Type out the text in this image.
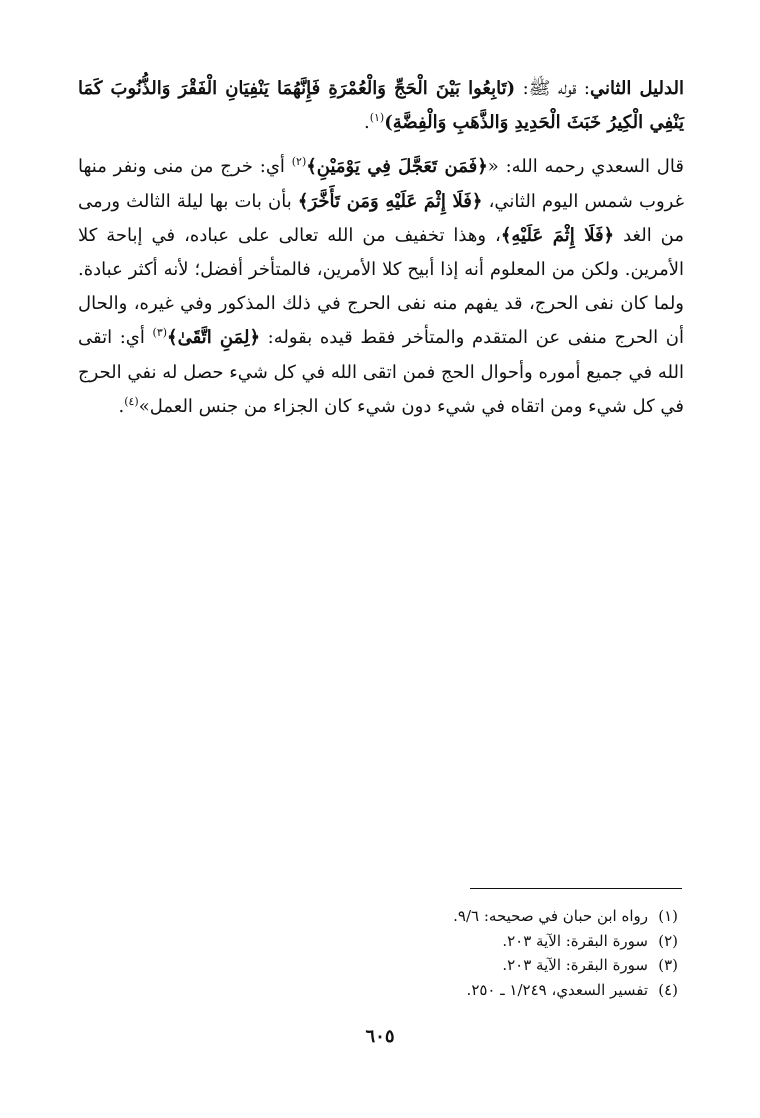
الدليل الثاني: قوله ﷺ: (تَابِعُوا بَيْنَ الْحَجِّ وَالْعُمْرَةِ فَإِنَّهُمَا يَنْفِيَانِ الْفَقْرَ وَالذُّنُوبَ كَمَا يَنْفِي الْكِيرُ خَبَثَ الْحَدِيدِ وَالذَّهَبِ وَالْفِضَّةِ)$^{(١)}$.

قال السعدي رحمه الله: «﴿فَمَن تَعَجَّلَ فِي يَوْمَيْنِ﴾$^{(٢)}$ أي: خرج من منى ونفر منها غروب شمس اليوم الثاني، ﴿فَلَا إِثْمَ عَلَيْهِ وَمَن تَأَخَّرَ﴾ بأن بات بها ليلة الثالث ورمى من الغد ﴿فَلَا إِثْمَ عَلَيْهِ﴾، وهذا تخفيف من الله تعالى على عباده، في إباحة كلا الأمرين. ولكن من المعلوم أنه إذا أبيح كلا الأمرين، فالمتأخر أفضل؛ لأنه أكثر عبادة. ولما كان نفى الحرج، قد يفهم منه نفى الحرج في ذلك المذكور وفي غيره، والحال أن الحرج منفى عن المتقدم والمتأخر فقط قيده بقوله: ﴿لِمَنِ اتَّقَىٰ﴾$^{(٣)}$ أي: اتقى الله في جميع أموره وأحوال الحج فمن اتقى الله في كل شيء حصل له نفي الحرج في كل شيء ومن اتقاه في شيء دون شيء كان الجزاء من جنس العمل»$^{(٤)}$.

(١)رواه ابن حبان في صحيحه: ٩/٦.
(٢)سورة البقرة: الآية ٢٠٣.
(٣)سورة البقرة: الآية ٢٠٣.
(٤)تفسير السعدي، ١/٢٤٩ ـ ٢٥٠.
٦٠٥
